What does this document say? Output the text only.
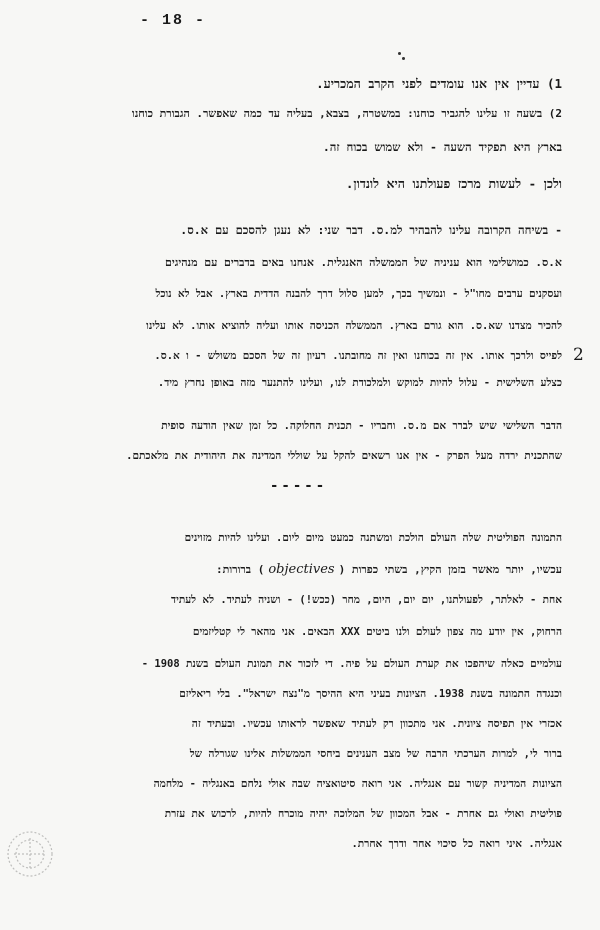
- 18 -
2
1) עדיין אין אנו עומדים לפני הקרב המכריע.
2) בשעה זו עלינו להגביר כוחנו: במשטרה, בצבא, בעליה עד כמה שאפשר. הגבורת כוחנו
בארץ היא תפקיד השעה - ולא שמוש בכוח זה.
ולכן - לעשות מרכז פעולתנו היא לונדון.
- בשיחה הקרובה עלינו להבהיר למ.ס. דבר שני: לא נעגן להסכם עם א.ס.
א.ס. כמושלימי הוא עניניה של הממשלה האנגלית. אנחנו באים בדברים עם מנהיגים
ועסקנים ערבים מחו"ל - ונמשיך בכך, למען סלול דרך להבנה הדדית בארץ. אבל לא נוכל
להכיר מצדנו שא.ס. הוא גורם בארץ. הממשלה הכניסה אותו ועליה להוציא אותו. לא עלינו
לפייס ולרכך אותו. אין זה בכוחנו ואין זה מחובתנו. רעיון זה של הסכם משולש - ו א.ס.
כצלע השלישית - עלול להיות למוקש ולמלכודת לנו, ועלינו להתנער מזה באופן נחרץ מיד.
הדבר השלישי שיש לברר אם מ.ס. וחבריו - תכנית החלוקה. כל זמן שאין הודעה סופית
שהתכנית ירדה מעל הפרק - אין אנו רשאים להקל על שוללי המדינה את היהודית את מלאכתם.
-----
התמונה הפוליטית שלה העולם הולכת ומשתנה כמעט מיום ליום. ועלינו להיות מזוינים
עכשיו, יותר מאשר בזמן הקיץ, בשתי כפרות (objectives) ברורות:
אחת - לאלתר, לפעולתנו, יום יום, היום, מחר (ככש!) - ושניה לעתיד. לא לעתיד
הרחוק, אין יודע מה צפון לעולם ולנו ביטים XXX הבאים. אני מהאר לי קטליזמים
עולמיים כאלה שיהפכו את קערת העולם על פיה. די לזכור את תמונת העולם בשנת 1908 -
וכנגדה התמונה בשנת 1938. הציונות בעיני היא ההיסך מ"נצח ישראל". בלי ריאליזם
אכזרי אין תפיסה ציונית. אני מתכוון רק לעתיד שאפשר לראותו עכשיו. ובעתיד זה
ברור לי, למרות הערכתי הרבה של מצב הענינים ביחסי הממשלות אלינו שגורלה של
הציונות המדיניה קשור עם אנגליה. אני רואה סיטואציה שבה אולי נלחם באנגליה - מלחמה
פוליטית ואולי גם אחרת - אבל המכוון של המלוכה יהיה מוכרח להיות, לרכוש את עזרת
אנגליה. איני רואה כל סיכוי אחר ודרך אחרת.
